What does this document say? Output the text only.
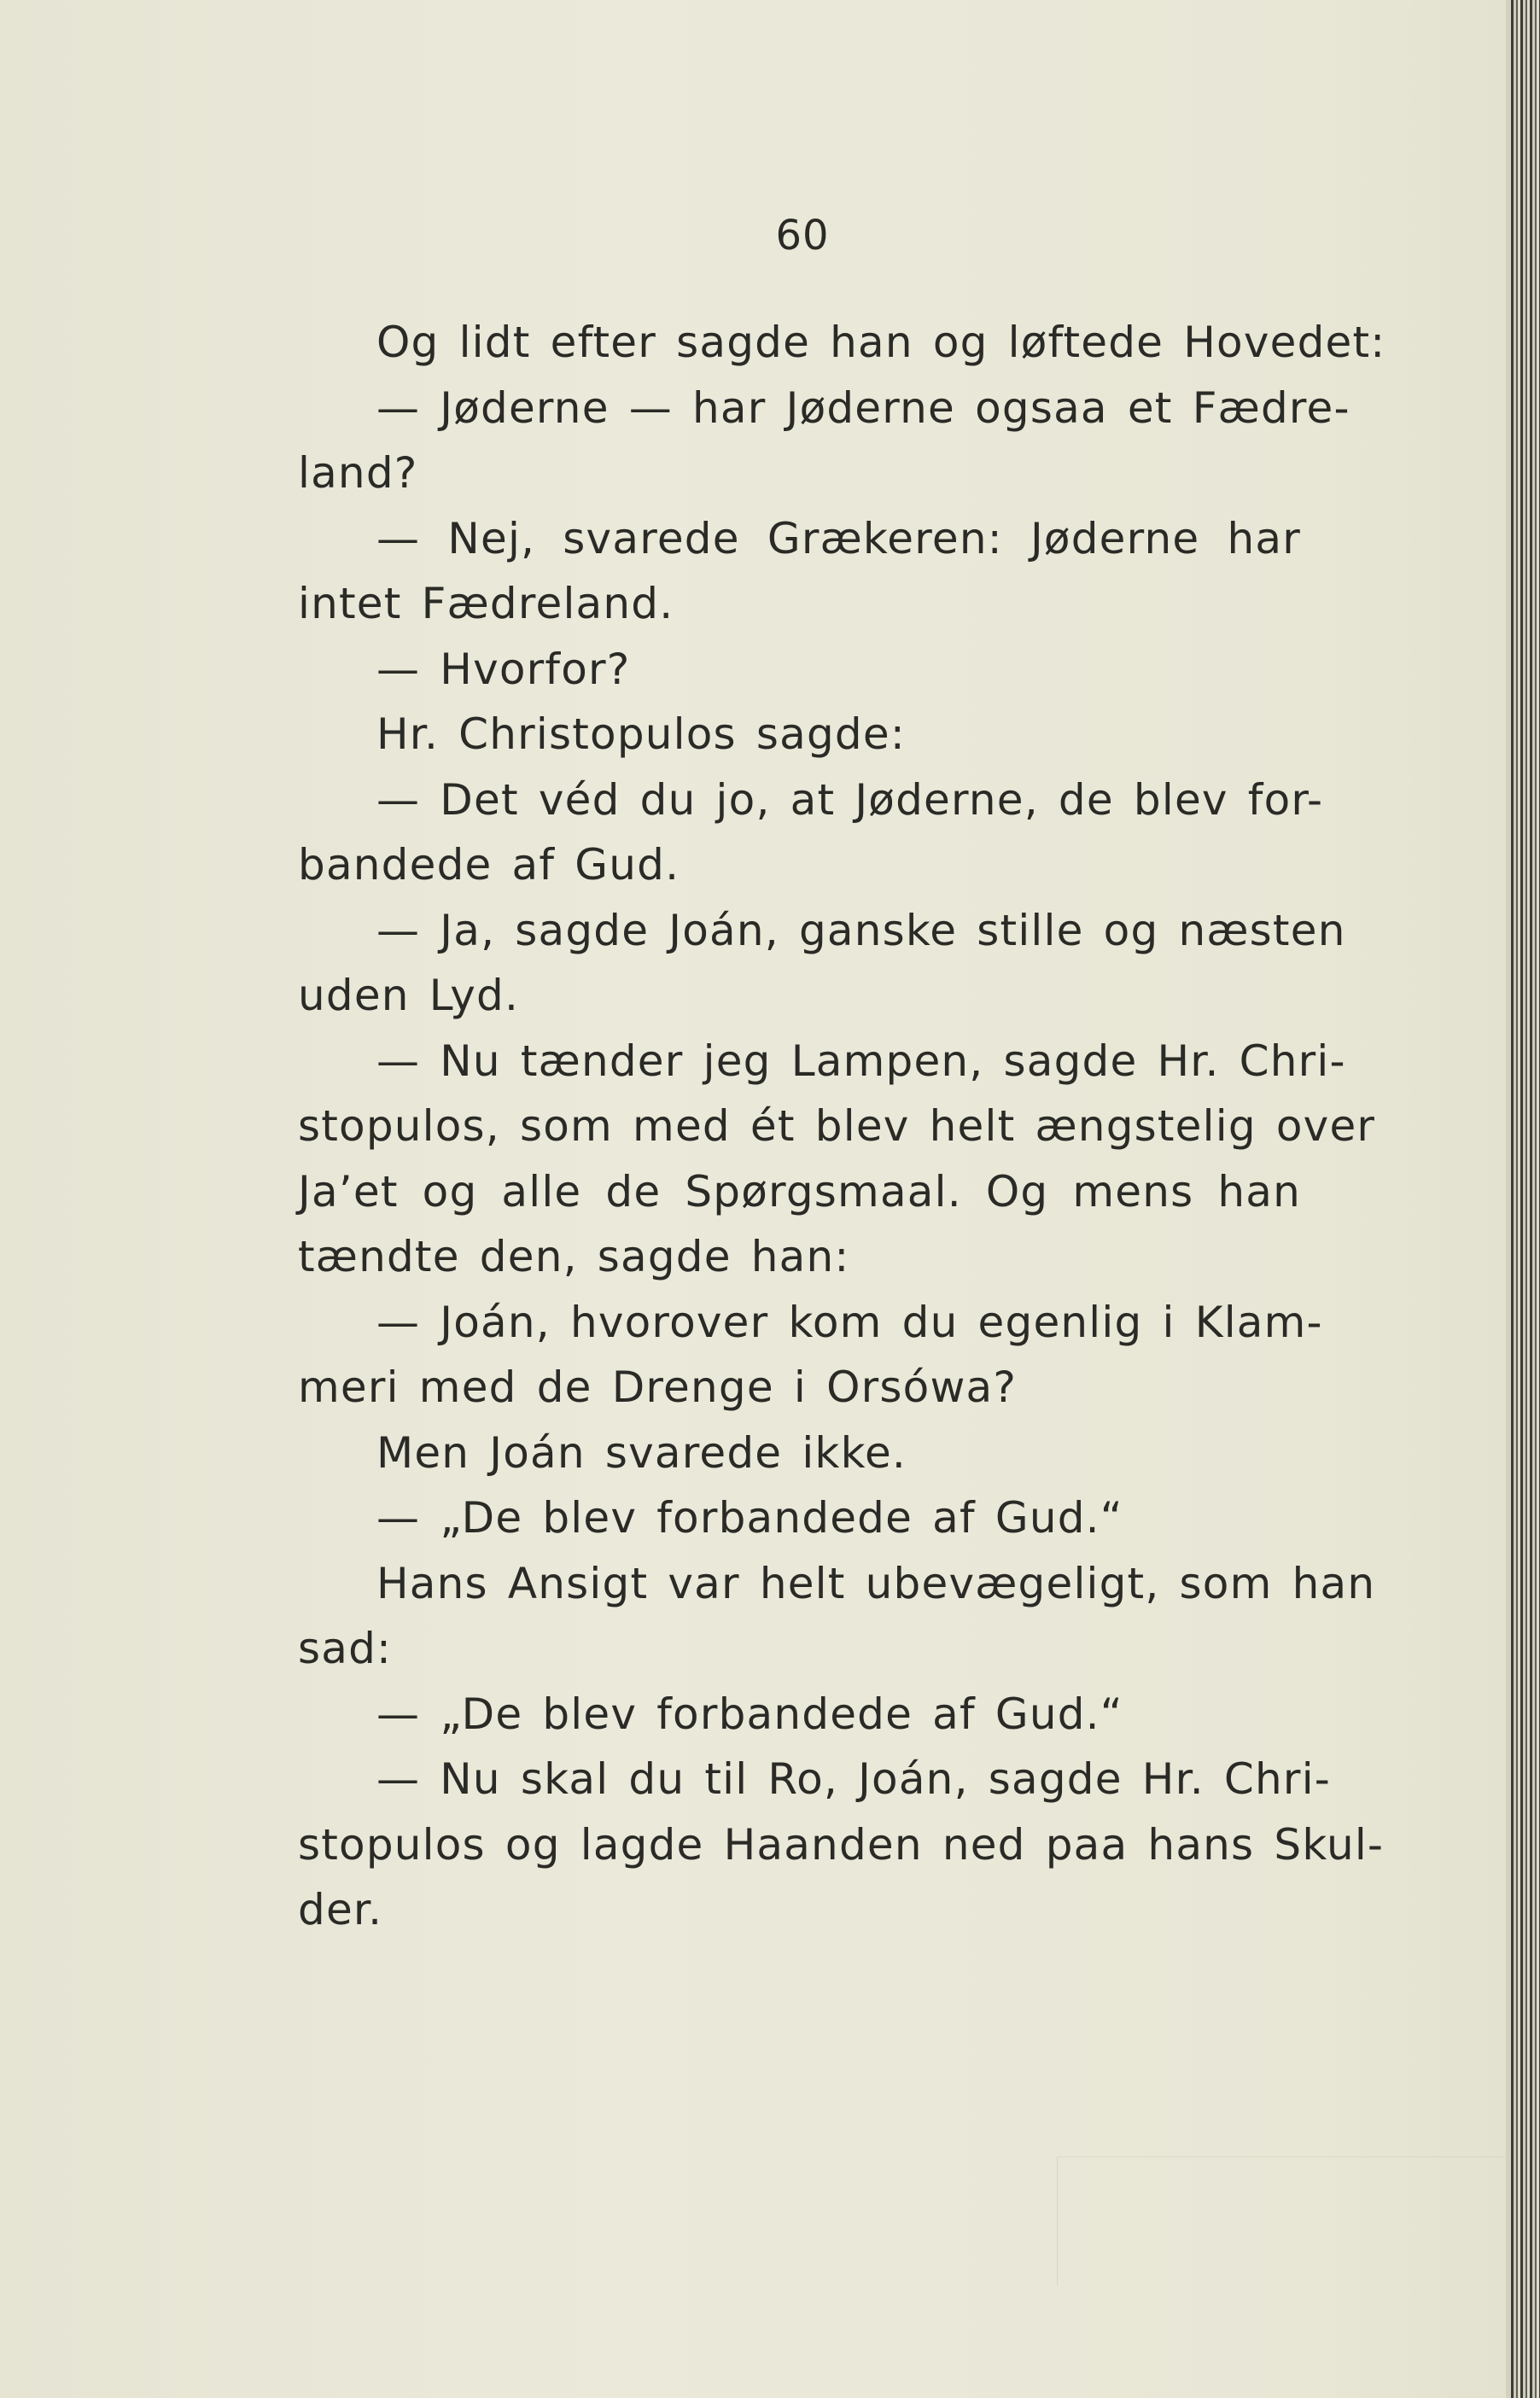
60
Og lidt efter sagde han og løftede Hovedet:
— Jøderne — har Jøderne ogsaa et Fædre-
land?
— Nej, svarede Grækeren: Jøderne har
intet Fædreland.
— Hvorfor?
Hr. Christopulos sagde:
— Det véd du jo, at Jøderne, de blev for-
bandede af Gud.
— Ja, sagde Joán, ganske stille og næsten
uden Lyd.
— Nu tænder jeg Lampen, sagde Hr. Chri-
stopulos, som med ét blev helt ængstelig over
Ja’et og alle de Spørgsmaal. Og mens han
tændte den, sagde han:
— Joán, hvorover kom du egenlig i Klam-
meri med de Drenge i Orsówa?
Men Joán svarede ikke.
— „De blev forbandede af Gud.“
Hans Ansigt var helt ubevægeligt, som han
sad:
— „De blev forbandede af Gud.“
— Nu skal du til Ro, Joán, sagde Hr. Chri-
stopulos og lagde Haanden ned paa hans Skul-
der.
